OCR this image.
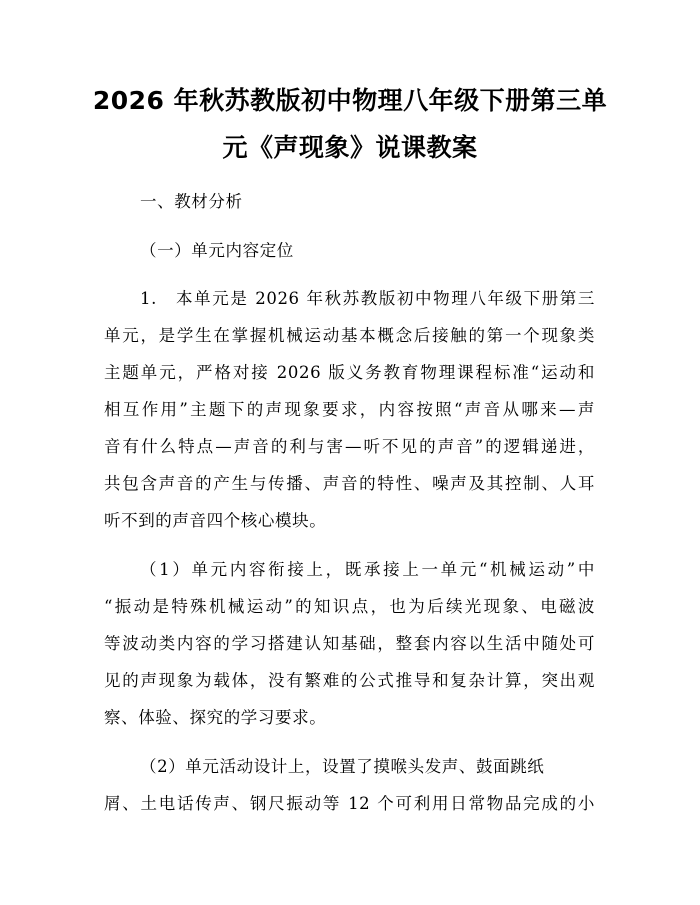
2026 年秋苏教版初中物理八年级下册第三单
元《声现象》说课教案
一、教材分析
（一）单元内容定位
1.　本单元是 2026 年秋苏教版初中物理八年级下册第三
单元，是学生在掌握机械运动基本概念后接触的第一个现象类
主题单元，严格对接 2026 版义务教育物理课程标准“运动和
相互作用”主题下的声现象要求，内容按照“声音从哪来—声
音有什么特点—声音的利与害—听不见的声音”的逻辑递进，
共包含声音的产生与传播、声音的特性、噪声及其控制、人耳
听不到的声音四个核心模块。
（1）单元内容衔接上，既承接上一单元“机械运动”中
“振动是特殊机械运动”的知识点，也为后续光现象、电磁波
等波动类内容的学习搭建认知基础，整套内容以生活中随处可
见的声现象为载体，没有繁难的公式推导和复杂计算，突出观
察、体验、探究的学习要求。
（2）单元活动设计上，设置了摸喉头发声、鼓面跳纸
屑、土电话传声、钢尺振动等 12 个可利用日常物品完成的小
